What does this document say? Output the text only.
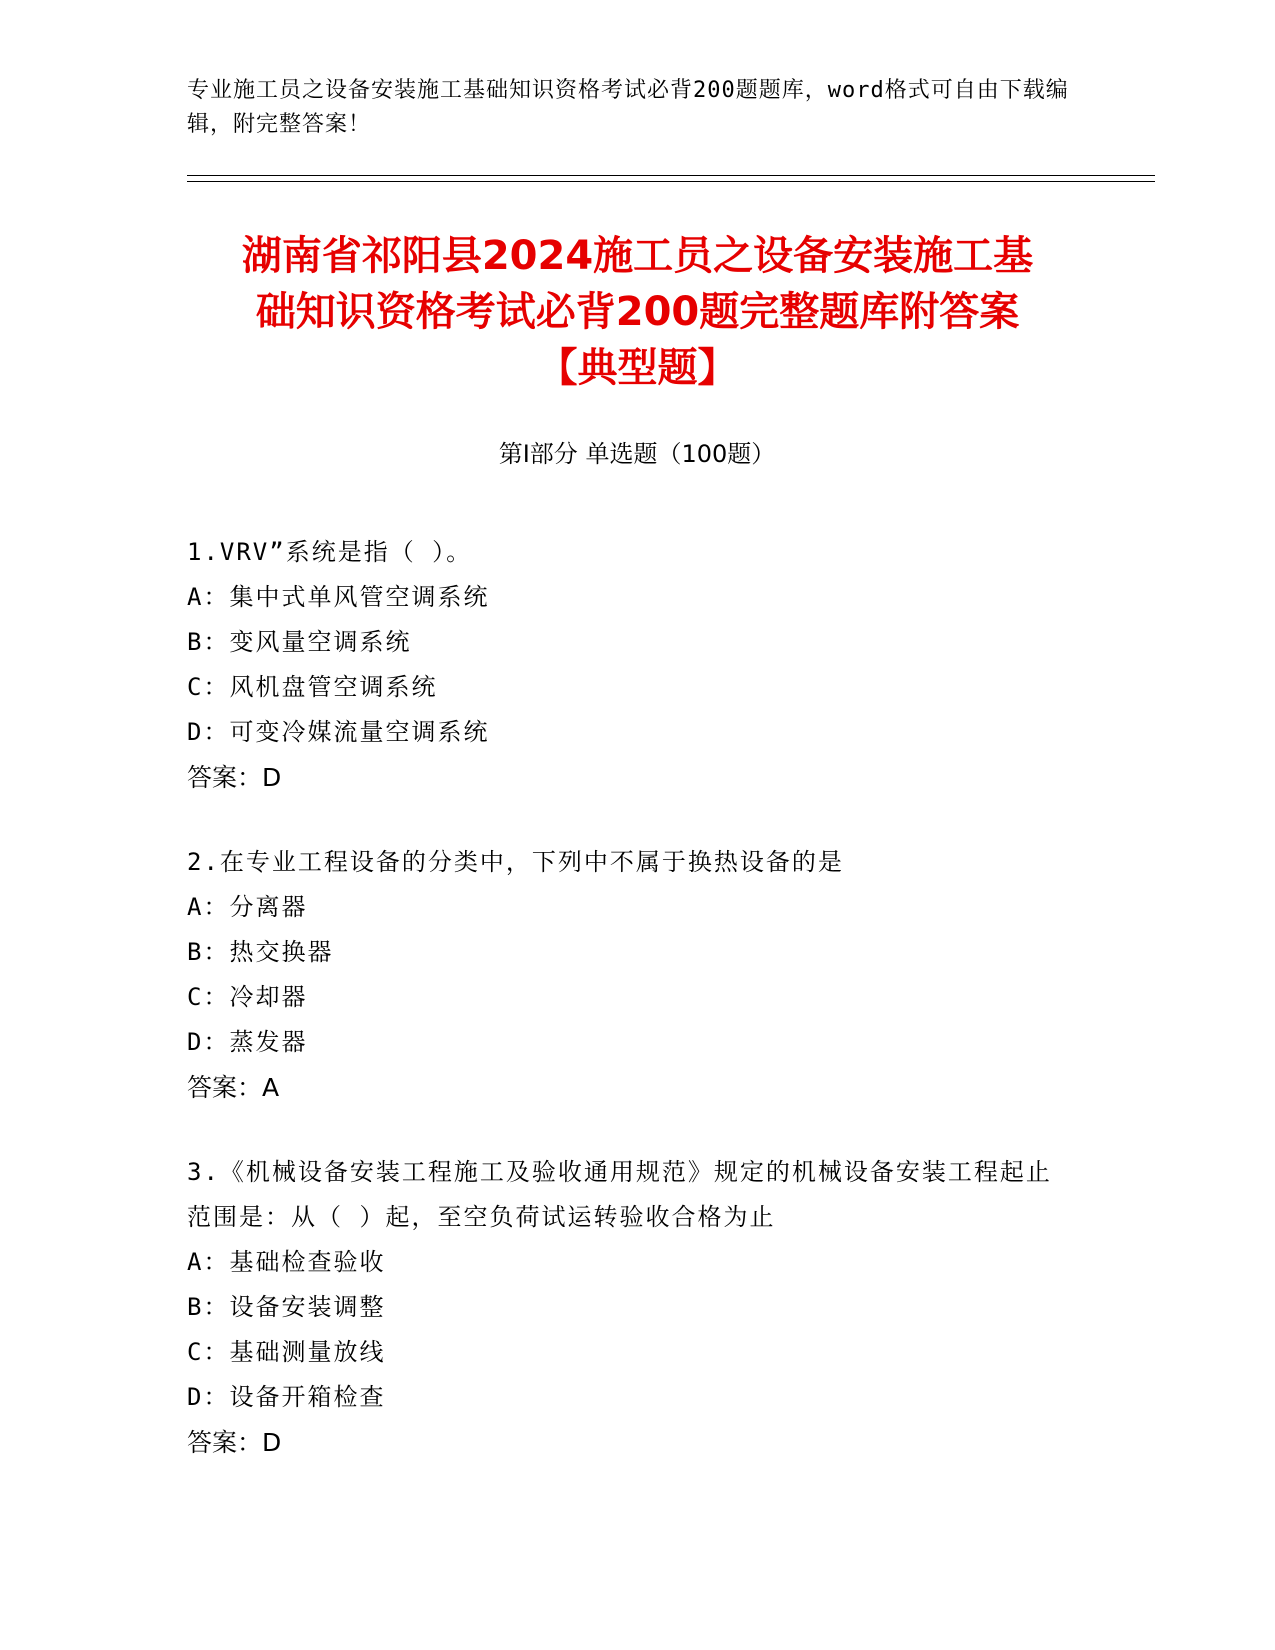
专业施工员之设备安装施工基础知识资格考试必背200题题库，word格式可自由下载编辑，附完整答案！
湖南省祁阳县2024施工员之设备安装施工基
础知识资格考试必背200题完整题库附答案
【典型题】
第I部分 单选题（100题）
1.VRV”系统是指（ ）。
A：集中式单风管空调系统
B：变风量空调系统
C：风机盘管空调系统
D：可变冷媒流量空调系统
答案：D
2.在专业工程设备的分类中，下列中不属于换热设备的是
A：分离器
B：热交换器
C：冷却器
D：蒸发器
答案：A
3.《机械设备安装工程施工及验收通用规范》规定的机械设备安装工程起止范围是：从（ ）起，至空负荷试运转验收合格为止
A：基础检查验收
B：设备安装调整
C：基础测量放线
D：设备开箱检查
答案：D
